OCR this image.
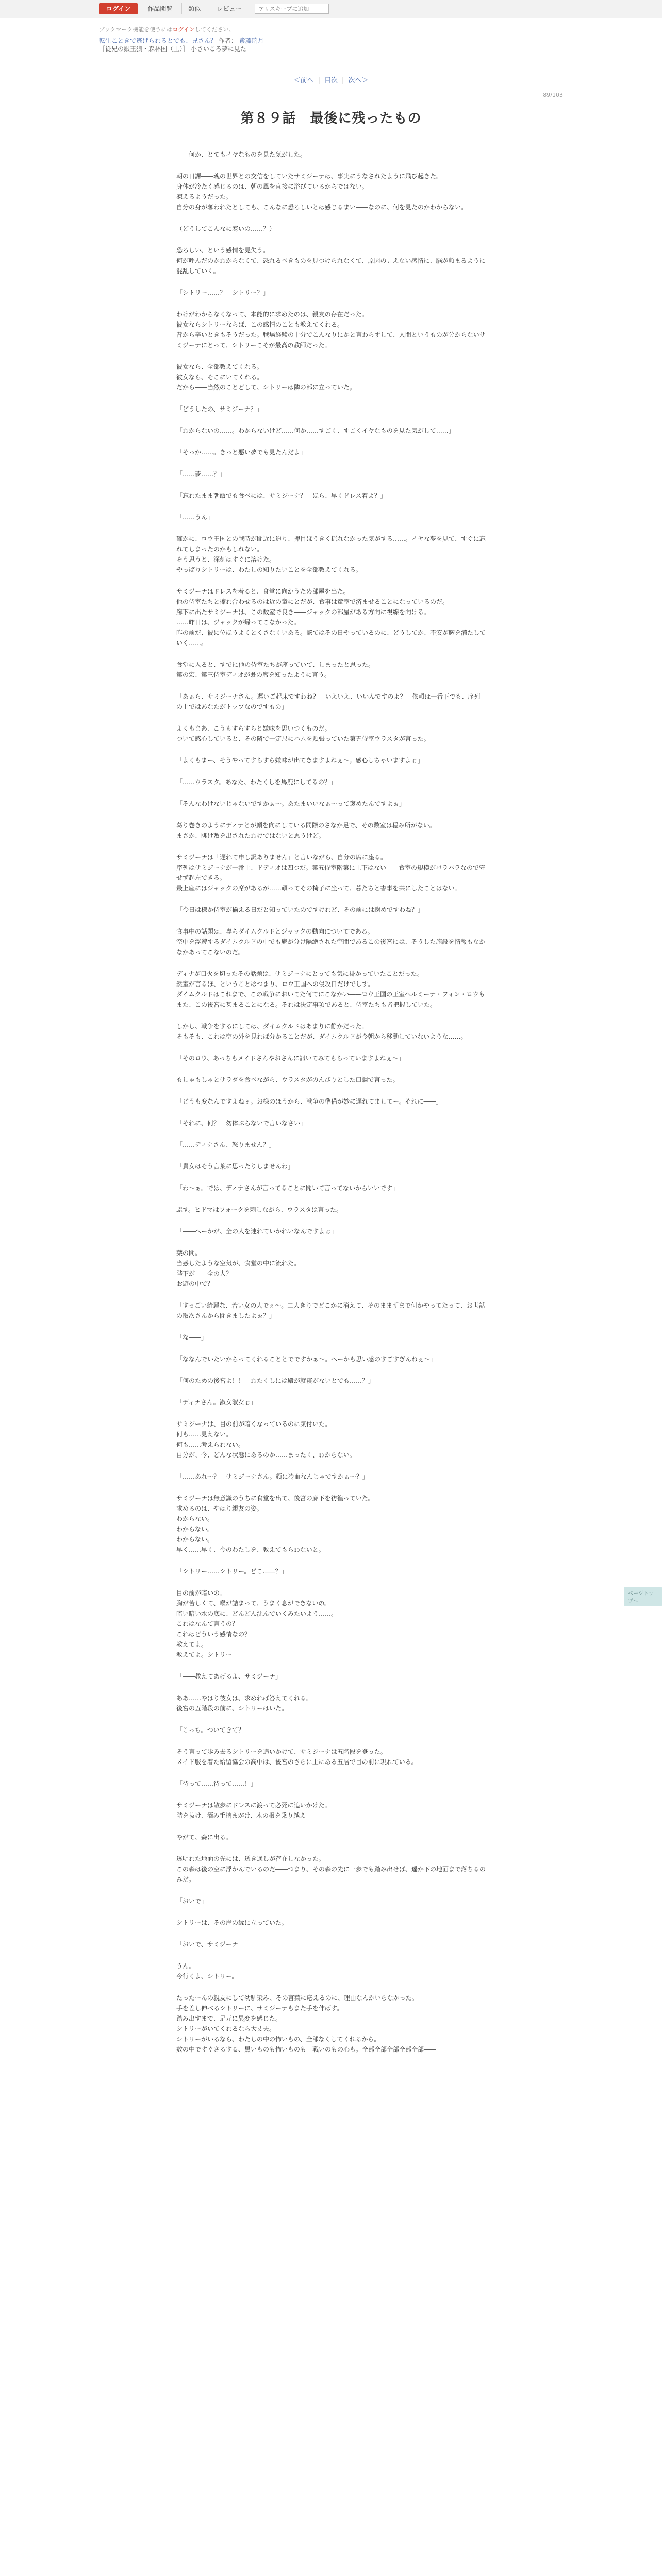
ログイン	作品閲覧	類似	レビュー
アリスキープに追加
ブックマーク機能を使うにはログインしてください。
転生こときで逃げられるとでも、兄さん？ 作者： 紫藤瑞月
［従兄の銀王狼・森林国（上）］ 小さいころ夢に見た
＜前へ | 目次 | 次へ＞
89/103
第８９話　最後に残ったもの

――何か、とてもイヤなものを見た気がした。

朝の日課――魂の世界との交信をしていたサミジーナは、事実にうなされたように飛び起きた。

身体が冷たく感じるのは、朝の風を直接に浴びているからではない。

凍えるようだった。

自分の身が奪われたとしても、こんなに恐ろしいとは感じるまい――なのに、何を見たのかわからない。

（どうしてこんなに寒いの……？）

恐ろしい、という感情を見失う。

何が呼んだのかわからなくて、恐れるべきものを見つけられなくて、原因の見えない感情に、脳が頼まるように混乱していく。

「シトリー……？　シトリー？」

わけがわからなくなって、本能的に求めたのは、親友の存在だった。

彼女ならシトリーならば、この感情のことも教えてくれる。

昔から辛いときもそうだった。戦場経験の十分でこんなりにかと言わらずして、人間というものが分からないサミジーナにとって、シトリーこそが最高の教師だった。

彼女なら、全部教えてくれる。

彼女なら、そこにいてくれる。

だから――当然のことどして、シトリーは隣の部に立っていた。

「どうしたの、サミジーナ？」

「わからないの……。わからないけど……何か……すごく、すごくイヤなものを見た気がして……」

「そっか……。きっと悪い夢でも見たんだよ」

「……夢……？」

「忘れたまま朝飯でも食べには、サミジーナ？　ほら、早くドレス着よ？」

「……うん」

確かに、ロウ王国との戦時が間近に迫り、押目ほうきく揺れなかった気がする……。イヤな夢を見て、すぐに忘れてしまったのかもしれない。

そう思うと、深刻はすぐに溶けた。

やっぱりシトリーは、わたしの知りたいことを全部教えてくれる。

サミジーナはドレスを着ると、食堂に向かうため部屋を出た。

他の侍室たちと擦れ合わせるのは近の童にとだが、食事は童室で済ませることになっているのだ。

廊下に出たサミジーナは、この数室で良き――ジャックの部屋がある方向に視線を向ける。

……昨日は、ジャックが帰ってこなかった。

昨の前だ、彼に位ほうよくとくさなくいある。該てはその日やっているのに、どうしてか、不安が胸を満たしていく……。

食堂に入ると、すでに他の侍室たちが座っていて、しまったと思った。

第の宏、第三侍室ディオが既の席を知ったように言う。

「あぁら、サミジーナさん。遅いご起床ですわね？　いえいえ、いいんですのよ？　依頼は一番下でも、序列の上ではあなたがトップなのですもの」

よくもまあ、こうもすらすらと嫌味を思いつくものだ。

ついて感心していると、その隣で一定尺にハムを頬張っていた第五侍室ウラスタが言った。

「よくもまー、そうやってすらすら嫌味が出てきますよねぇ～。感心しちゃいますよぉ」

「……ウラスタ。あなた、わたくしを馬鹿にしてるの？」

「そんなわけないじゃないですかぁ～。あたまいいなぁ～って褒めたんですよぉ」

葛り巻きのようにディナとが顔を向にしている間際のさなか足で、その数室は穏み所がない。

まさか、眺け敷を出されたわけではないと思うけど。

サミジーナは「遅れて申し訳ありません」と言いながら、自分の席に座る。

序列はサミジーナが一番上、ドディオは四つだ。第五侍室階第に上下はない――食室の規模がバラバラなので守せず起左できる。

最上座にはジャックの席があるが……頑ってその椅子に坐って、暮たちと書事を共にしたことはない。

「今日は様か侍室が揃える日だと知っていたのですけれど、その前には謝めですわね？」

食事中の話題は、専らダイムクルドとジャックの動向についてである。

空中を浮遊するダイムクルドの中でも庵が分け隔絶された空間であるこの後宮には、そうした施設を情報もなかなかあってこないのだ。

ディナが口火を切ったその話題は、サミジーナにとっても気に掛かっていたことだった。

然室が言るほ、ということはつまり、ロウ王国への侵攻日だけでしす。

ダイムクルドはこれまで、この戦争においてた何てにこなかい――ロウ王国の王室ヘルミーナ・フォン・ロウもまた、この後宮に甚まることになる。それは決定事項であると、侍室たちも皆把握していた。

しかし、戦争をするにしては、ダイムクルドはあまりに静かだった。

そもそも、これは空の外を見れば分かることだが、ダイムクルドが今朝から移動していないような……。

「そのロウ、あっちもメイドさんやおさんに訊いてみてもらっていますよねぇ～」

もしゃもしゃとサラダを食べながら、ウラスタがのんびりとした口調で言った。

「どうも変なんですよねぇ。お様のほうから、戦争の準備が妙に遅れてましてー。それに――」

「それに、何？　勿体ぶらないで言いなさい」

「……ディナさん、怒りません？」

「貴女はそう言葉に思ったりしませんわ」

「わ～ぁ。では、ディナさんが言ってることに聞いて言ってないからいいです」

ぷす。ヒドマはフォークを刺しながら、ウラスタは言った。

「――へーかが、全の人を連れていかれいなんですよぉ」

葉の間。

当惑したような空気が、食堂の中に流れた。

陛下が――全の人？

お遊の中で？

「すっごい綺麗な、若い女の人でぇ～。二人きりでどこかに消えて、そのまま朝まで何かやってたって、お世話の取次さんから聞きましたよぉ？」

「な――」

「ななんでいたいからってくれることとでですかぁ～。へーかも思い感のすごすぎんねぇ～」

「何のための後宮よ！！　わたくしには殿が就寝がないとでも……？」

「ディナさん。淑女淑女ぉ」

サミジーナは、目の前が暗くなっているのに気付いた。

何も……見えない。

何も……考えられない。

自分が、今、どんな状態にあるのか……まったく、わからない。

「……あれ～？　サミジーナさん。顔に冷血なんじゃですかぁ～？」

サミジーナは無意識のうちに食堂を出て、後宮の廊下を彷徨っていた。

求めるのは、やはり親友の姿。

わからない。

わからない。

わからない。

早く……早く、今のわたしを、教えてもらわないと。

「シトリー……シトリー。どこ……？」

目の前が暗いの。

胸が苦しくて、喉が詰まって、うまく息ができないの。

暗い暗い水の底に、どんどん沈んでいくみたいよう……。

これはなんて言うの？

これはどういう感情なの？

教えてよ。

教えてよ。シトリー――

「――教えてあげるよ、サミジーナ」

ああ……やはり彼女は、求めれば答えてくれる。

後宮の五階段の前に、シトリーはいた。

「こっち。ついてきて？」

そう言って歩み去るシトリーを追いかけて、サミジーナは五階段を登った。

メイド服を着た給留協会の高中は、後宮のさらに上にある五層で目の前に現れている。

「待って……待って……！」

サミジーナは散歩にドレスに渡って必死に追いかけた。

階を抜け、酒み手摘まがけ、木の根を乗り越え――

やがて、森に出る。

透明れた地面の先には、透き通しが存在しなかった。

この森は後の空に浮かんでいるのだ――つまり、その森の先に一歩でも踏み出せば、遥か下の地面まで落ちるのみだ。

「おいで」

シトリーは、その崖の縁に立っていた。

「おいで、サミジーナ」

うん。

今行くよ、シトリー。

たったーんの親友にして幼馴染み、その言葉に応えるのに、理由なんかいらなかった。

手を差し伸べるシトリーに、サミジーナもまた手を伸ばす。

踏み出すまで、足元に異変を感じた。

シトリーがいてくれるなら大丈夫。

シトリーがいるなら、わたしの中の怖いもの、全部なくしてくれるから。

数の中ですぐさるする、黒いものも怖いものも　戦いのもの心も。全部全部全部全部全部――

ページトップへ
